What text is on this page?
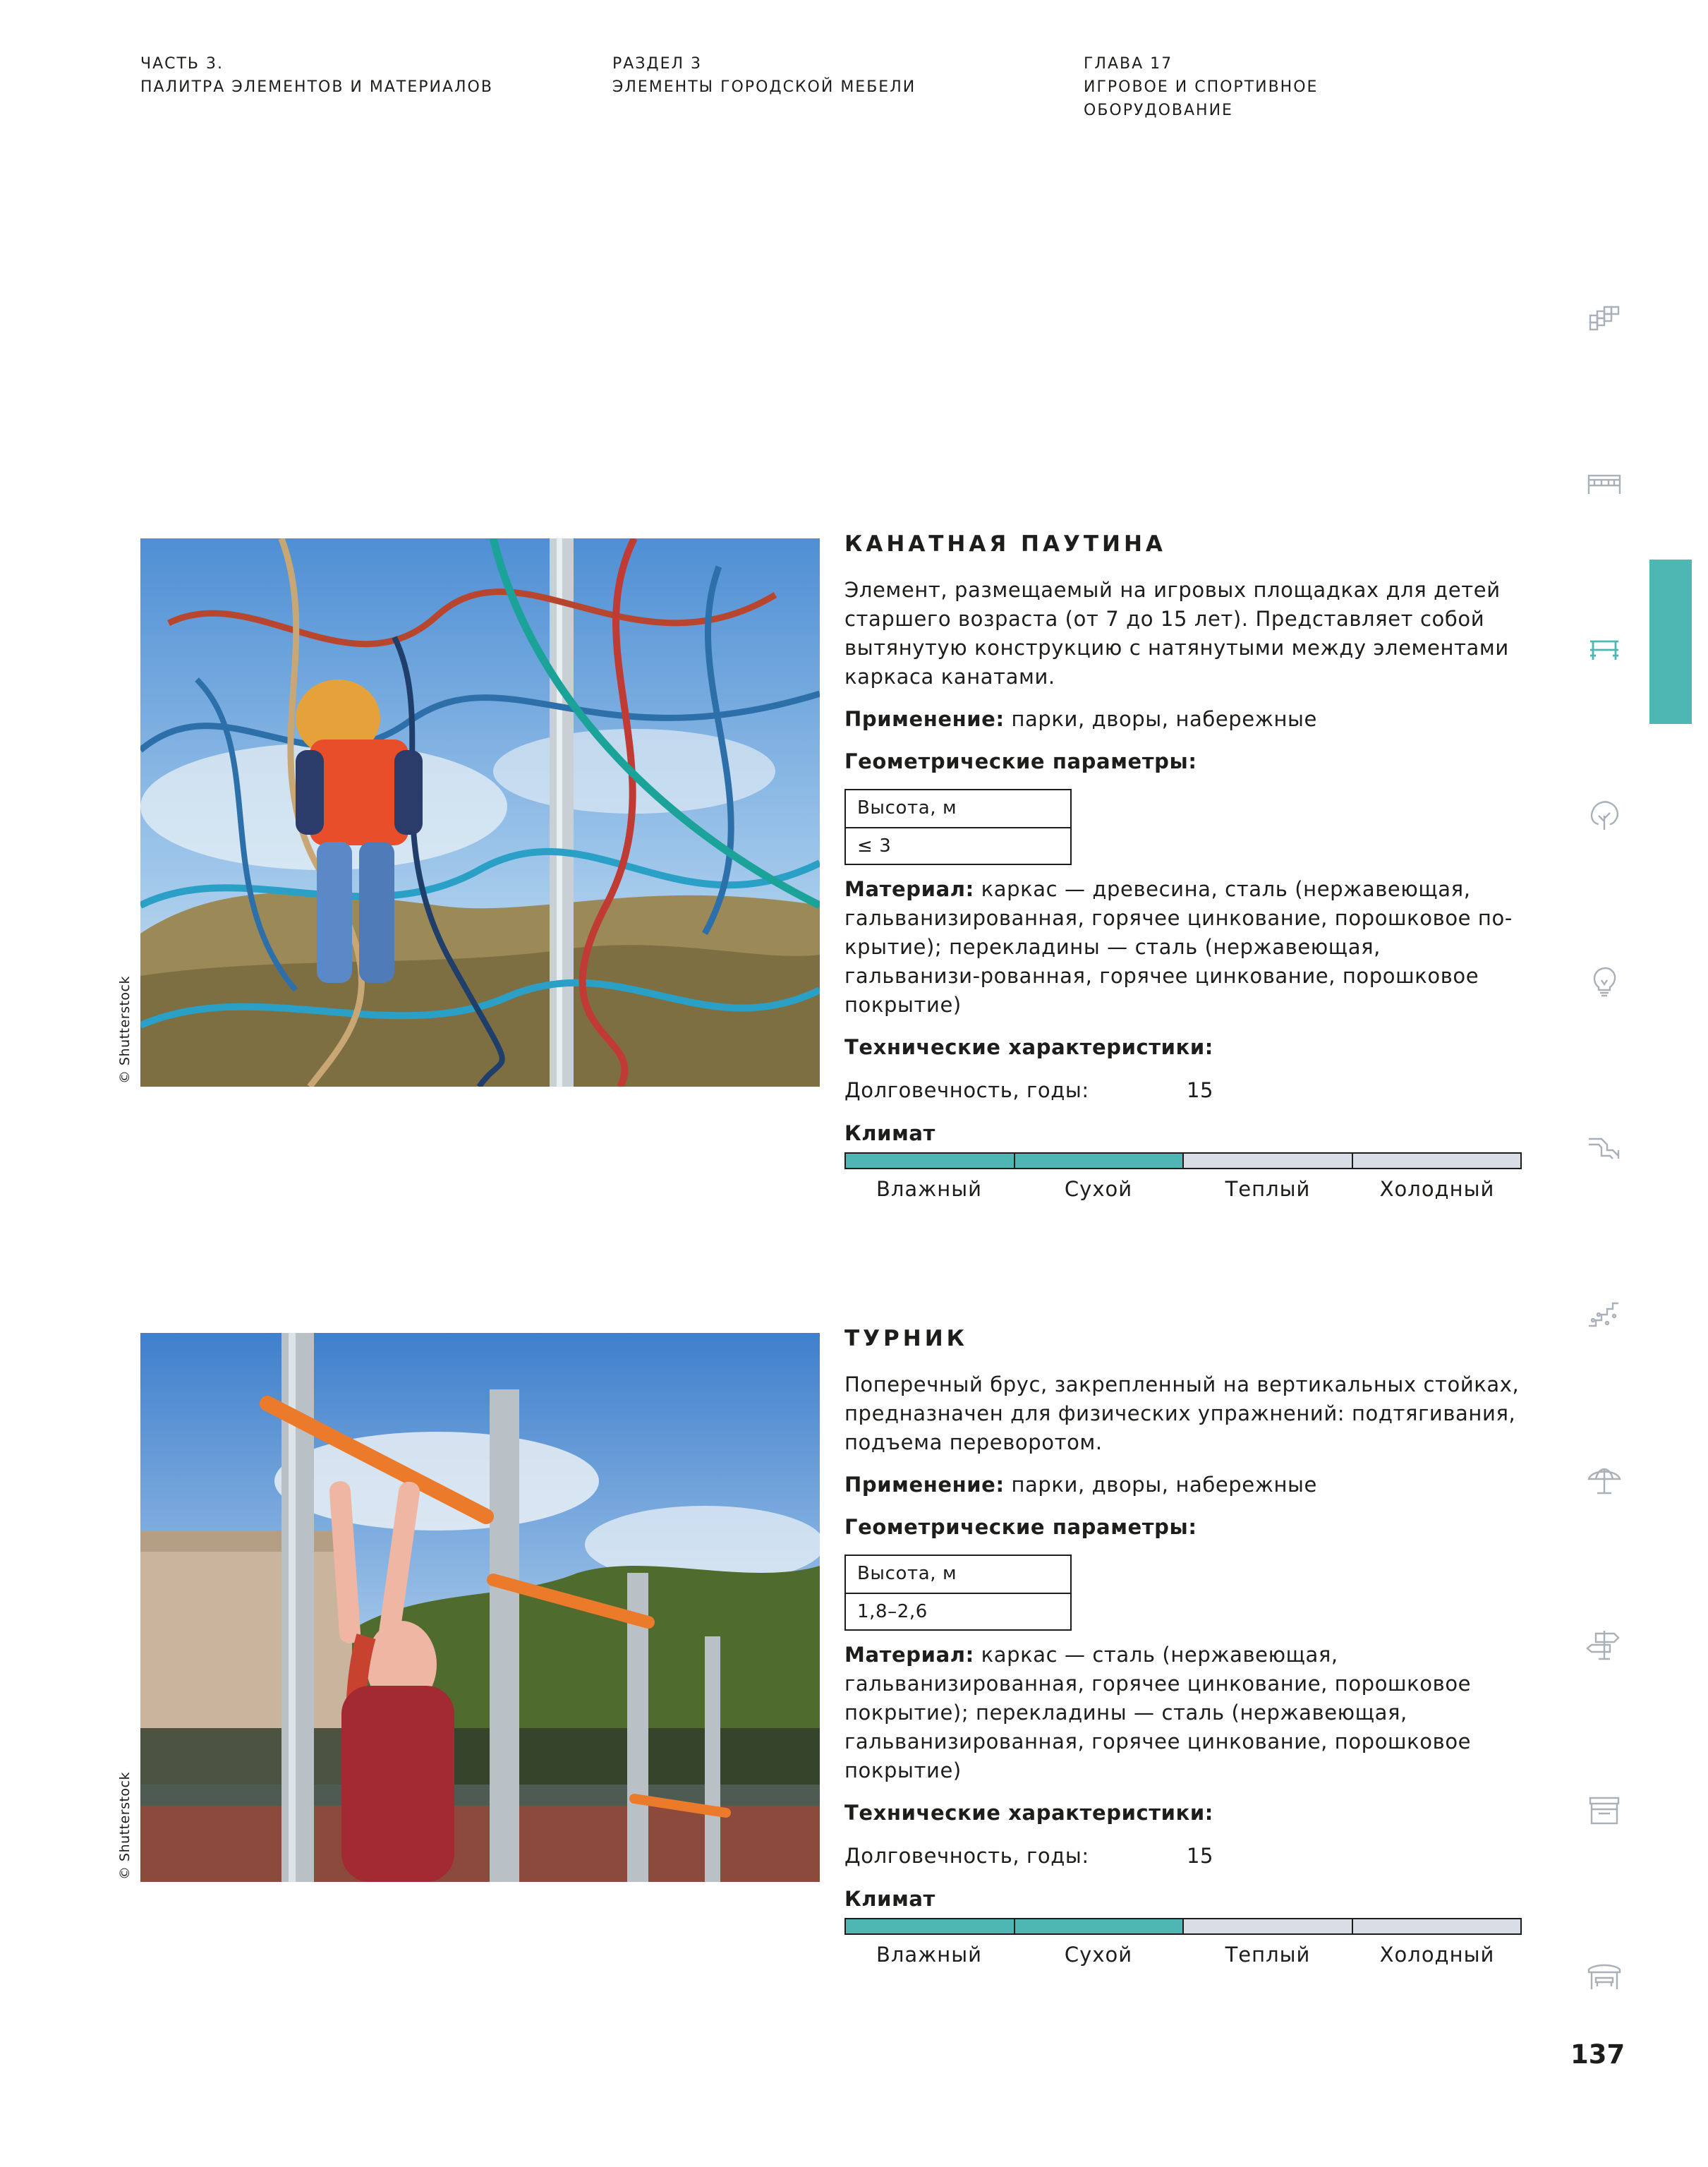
ЧАСТЬ 3.
ПАЛИТРА ЭЛЕМЕНТОВ И МАТЕРИАЛОВ
РАЗДЕЛ 3
ЭЛЕМЕНТЫ ГОРОДСКОЙ МЕБЕЛИ
ГЛАВА 17
ИГРОВОЕ И СПОРТИВНОЕ
ОБОРУДОВАНИЕ
© Shutterstock
КАНАТНАЯ ПАУТИНА
Элемент, размещаемый на игровых площадках для детей старшего возраста (от 7 до 15 лет). Представляет собой вытянутую конструкцию с натянутыми между элементами каркаса канатами.
Применение: парки, дворы, набережные
Геометрические параметры:
Высота, м
≤ 3
Материал: каркас — древесина, сталь (нержавеющая, гальванизированная, горячее цинкование, порошковое по-крытие); перекладины — сталь (нержавеющая, гальванизи-рованная, горячее цинкование, порошковое покрытие)
Технические характеристики:
Долговечность, годы:	15
Климат
Влажный	Сухой	Теплый	Холодный
© Shutterstock
ТУРНИК
Поперечный брус, закрепленный на вертикальных стойках, предназначен для физических упражнений: подтягивания, подъема переворотом.
Применение: парки, дворы, набережные
Геометрические параметры:
Высота, м
1,8–2,6
Материал: каркас — сталь (нержавеющая, гальванизированная, горячее цинкование, порошковое покрытие); перекладины — сталь (нержавеющая, гальванизированная, горячее цинкование, порошковое покрытие)
Технические характеристики:
Долговечность, годы:	15
Климат
Влажный	Сухой	Теплый	Холодный
137
